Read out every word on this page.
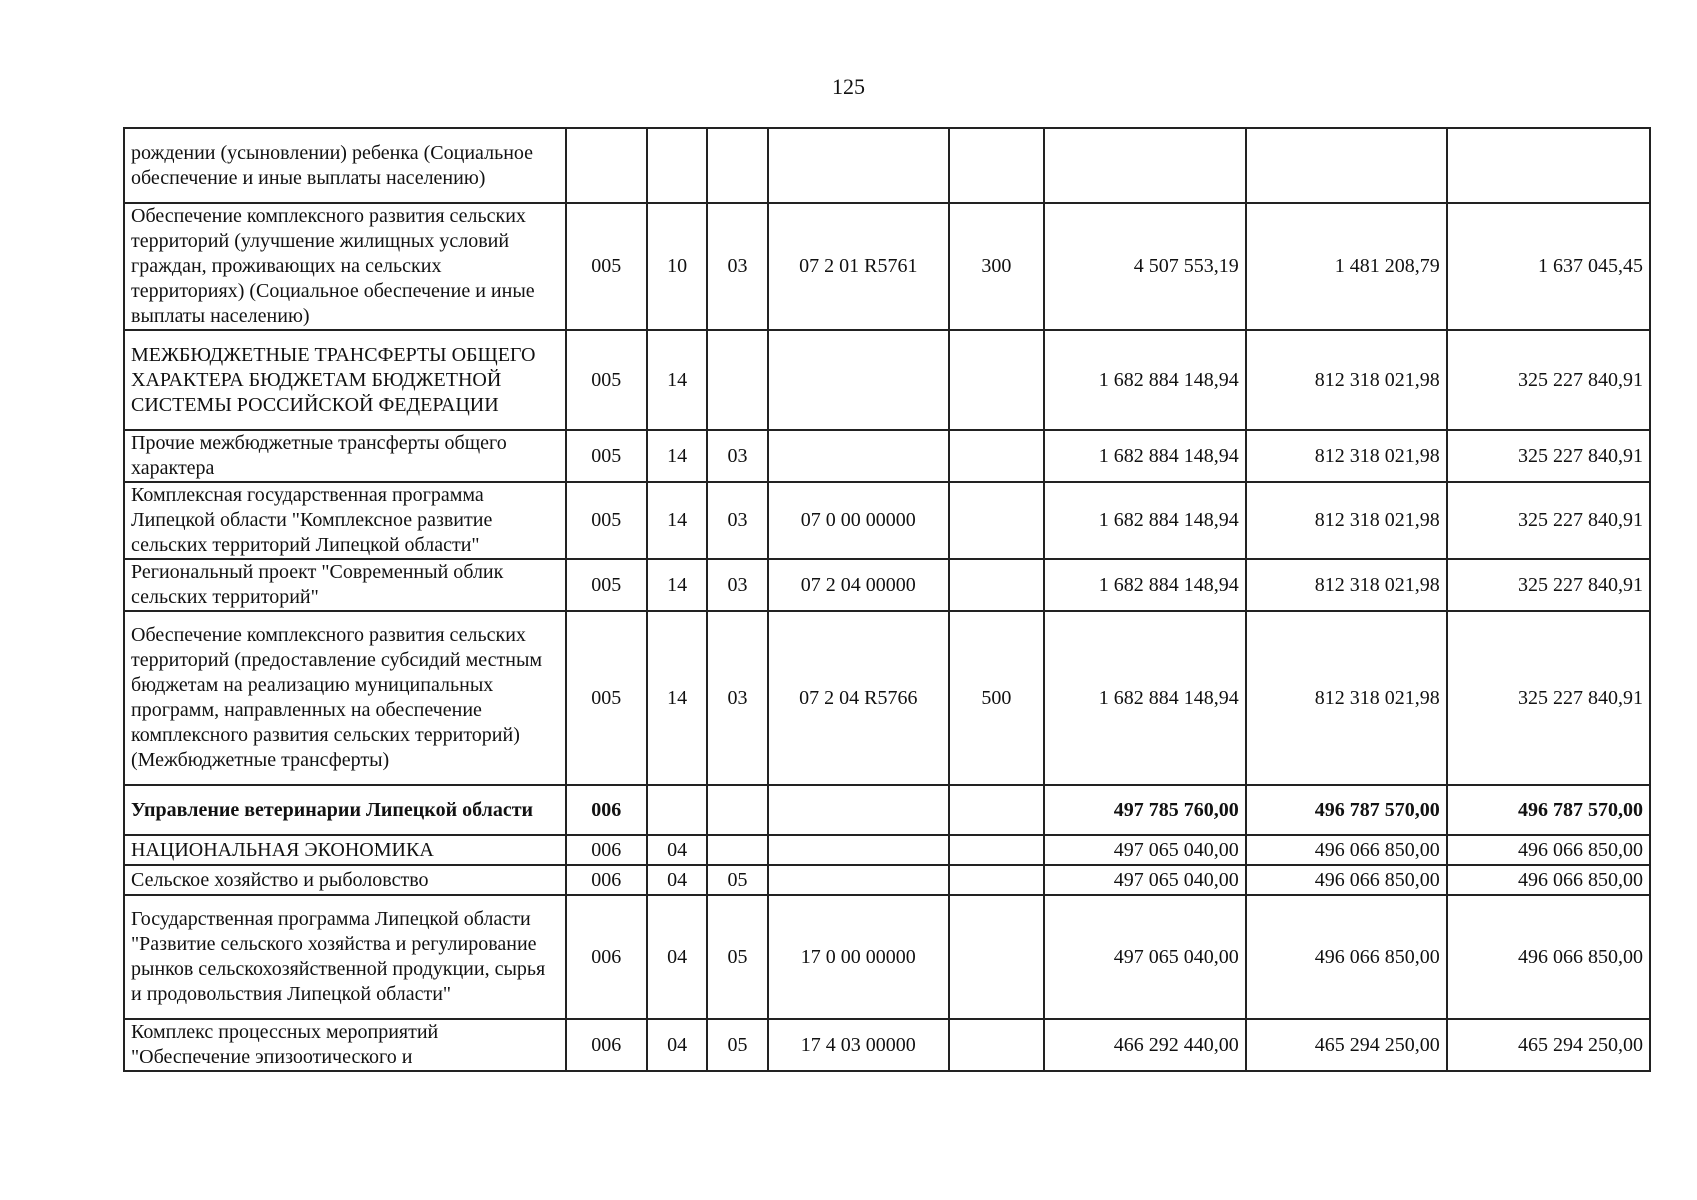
125
рождении (усыновлении) ребенка (Социальное обеспечение и иные выплаты населению)								
Обеспечение комплексного развития сельских территорий (улучшение жилищных условий граждан, проживающих на сельских территориях) (Социальное обеспечение и иные выплаты населению)	005	10	03	07 2 01 R5761	300	4 507 553,19	1 481 208,79	1 637 045,45
МЕЖБЮДЖЕТНЫЕ ТРАНСФЕРТЫ ОБЩЕГО ХАРАКТЕРА БЮДЖЕТАМ БЮДЖЕТНОЙ СИСТЕМЫ РОССИЙСКОЙ ФЕДЕРАЦИИ	005	14				1 682 884 148,94	812 318 021,98	325 227 840,91
Прочие межбюджетные трансферты общего характера	005	14	03			1 682 884 148,94	812 318 021,98	325 227 840,91
Комплексная государственная программа Липецкой области "Комплексное развитие сельских территорий Липецкой области"	005	14	03	07 0 00 00000		1 682 884 148,94	812 318 021,98	325 227 840,91
Региональный проект "Современный облик сельских территорий"	005	14	03	07 2 04 00000		1 682 884 148,94	812 318 021,98	325 227 840,91
Обеспечение комплексного развития сельских территорий (предоставление субсидий местным бюджетам на реализацию муниципальных программ, направленных на обеспечение комплексного развития сельских территорий) (Межбюджетные трансферты)	005	14	03	07 2 04 R5766	500	1 682 884 148,94	812 318 021,98	325 227 840,91
Управление ветеринарии Липецкой области	006					497 785 760,00	496 787 570,00	496 787 570,00
НАЦИОНАЛЬНАЯ ЭКОНОМИКА	006	04				497 065 040,00	496 066 850,00	496 066 850,00
Сельское хозяйство и рыболовство	006	04	05			497 065 040,00	496 066 850,00	496 066 850,00
Государственная программа Липецкой области "Развитие сельского хозяйства и регулирование рынков сельскохозяйственной продукции, сырья и продовольствия Липецкой области"	006	04	05	17 0 00 00000		497 065 040,00	496 066 850,00	496 066 850,00
Комплекс процессных мероприятий "Обеспечение эпизоотического и	006	04	05	17 4 03 00000		466 292 440,00	465 294 250,00	465 294 250,00
